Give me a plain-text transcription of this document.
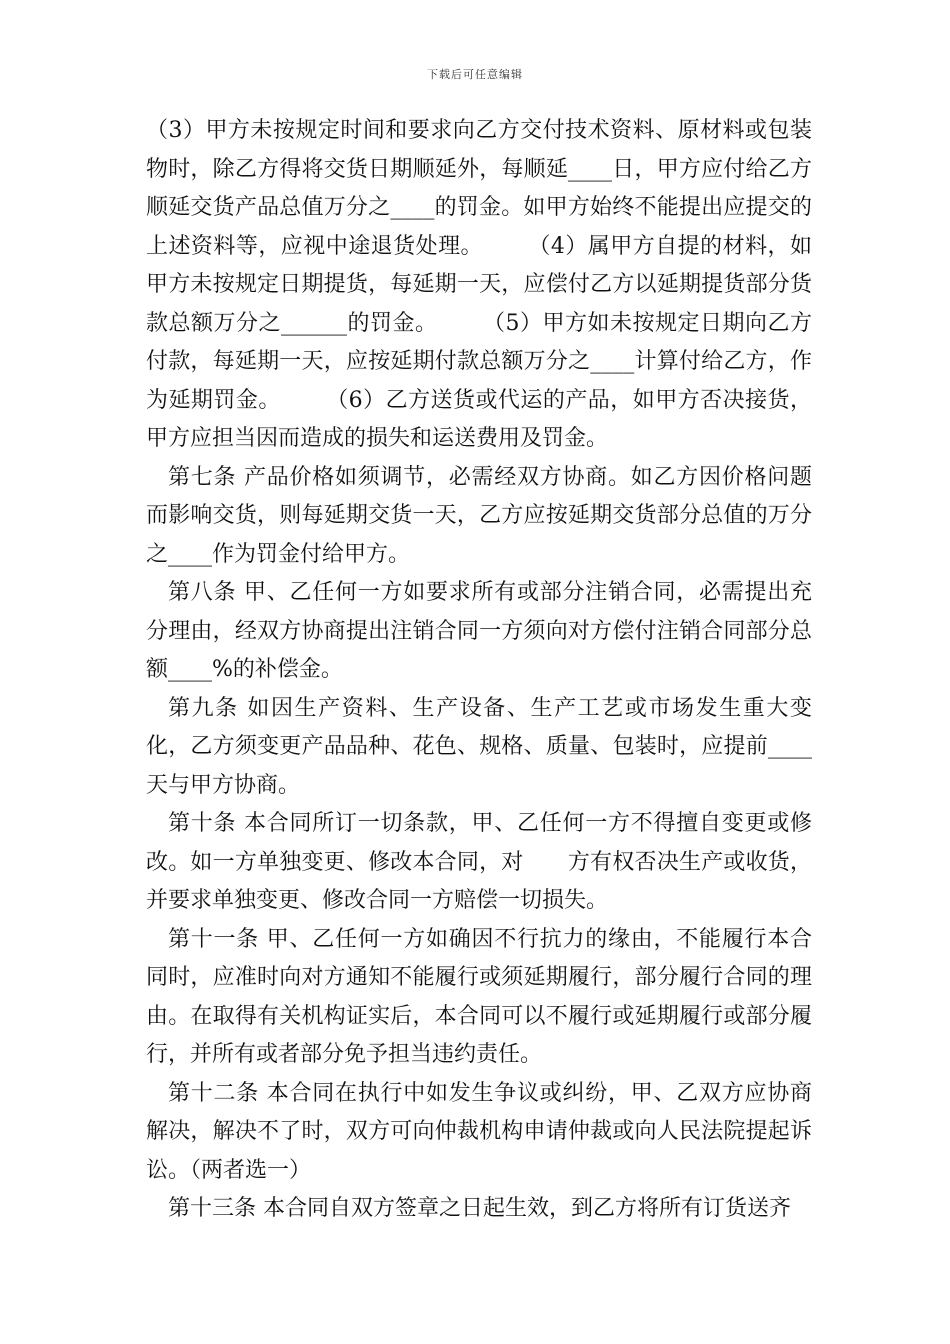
下载后可任意编辑

（3）甲方未按规定时间和要求向乙方交付技术资料、原材料或包装物时，除乙方得将交货日期顺延外，每顺延____日，甲方应付给乙方顺延交货产品总值万分之____的罚金。如甲方始终不能提出应提交的上述资料等，应视中途退货处理。　　　（4）属甲方自提的材料，如甲方未按规定日期提货，每延期一天，应偿付乙方以延期提货部分货款总额万分之______的罚金。　　　（5）甲方如未按规定日期向乙方付款，每延期一天，应按延期付款总额万分之____计算付给乙方，作为延期罚金。　　　（6）乙方送货或代运的产品，如甲方否决接货，甲方应担当因而造成的损失和运送费用及罚金。

第七条 产品价格如须调节，必需经双方协商。如乙方因价格问题而影响交货，则每延期交货一天，乙方应按延期交货部分总值的万分之____作为罚金付给甲方。

第八条 甲、乙任何一方如要求所有或部分注销合同，必需提出充分理由，经双方协商提出注销合同一方须向对方偿付注销合同部分总额____%的补偿金。

第九条 如因生产资料、生产设备、生产工艺或市场发生重大变化，乙方须变更产品品种、花色、规格、质量、包装时，应提前____天与甲方协商。

第十条 本合同所订一切条款，甲、乙任何一方不得擅自变更或修改。如一方单独变更、修改本合同，对　　方有权否决生产或收货，并要求单独变更、修改合同一方赔偿一切损失。

第十一条 甲、乙任何一方如确因不行抗力的缘由，不能履行本合同时，应准时向对方通知不能履行或须延期履行，部分履行合同的理由。在取得有关机构证实后，本合同可以不履行或延期履行或部分履行，并所有或者部分免予担当违约责任。

第十二条 本合同在执行中如发生争议或纠纷，甲、乙双方应协商解决，解决不了时，双方可向仲裁机构申请仲裁或向人民法院提起诉讼。（两者选一）

第十三条 本合同自双方签章之日起生效，到乙方将所有订货送齐
